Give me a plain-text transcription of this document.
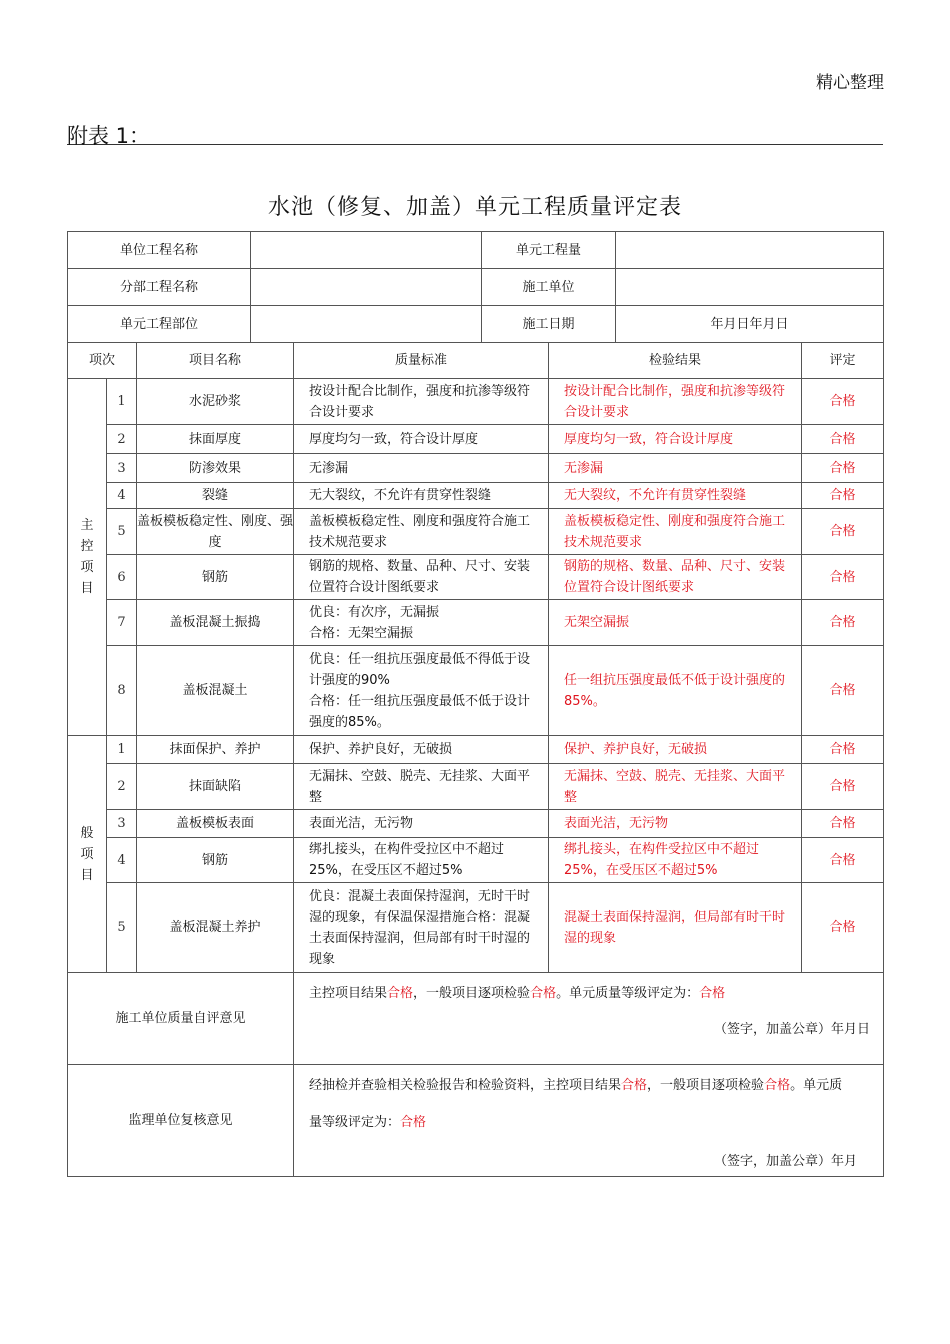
精心整理
附表 1：
水池（修复、加盖）单元工程质量评定表
单位工程名称		单元工程量	
分部工程名称		施工单位	
单元工程部位		施工日期	年月日年月日
项次		项目名称	质量标准	检验结果	评定

主
控
项
目	1	水泥砂浆	按设计配合比制作，强度和抗渗等级符合设计要求	按设计配合比制作，强度和抗渗等级符合设计要求	合格
	2	抹面厚度	厚度均匀一致，符合设计厚度	厚度均匀一致，符合设计厚度	合格
	3	防渗效果	无渗漏	无渗漏	合格
	4	裂缝	无大裂纹，不允许有贯穿性裂缝	无大裂纹，不允许有贯穿性裂缝	合格
	5	盖板模板稳定性、刚度、强度	盖板模板稳定性、刚度和强度符合施工技术规范要求	盖板模板稳定性、刚度和强度符合施工技术规范要求	合格
	6	钢筋	钢筋的规格、数量、品种、尺寸、安装位置符合设计图纸要求	钢筋的规格、数量、品种、尺寸、安装位置符合设计图纸要求	合格
	7	盖板混凝土振捣	优良：有次序，无漏振
合格：无架空漏振	无架空漏振	合格
	8	盖板混凝土	优良：任一组抗压强度最低不得低于设计强度的90%
合格：任一组抗压强度最低不低于设计强度的85%。	任一组抗压强度最低不低于设计强度的85%。	合格

般
项
目	1	抹面保护、养护	保护、养护良好，无破损	保护、养护良好，无破损	合格
	2	抹面缺陷	无漏抹、空鼓、脱壳、无挂浆、大面平整	无漏抹、空鼓、脱壳、无挂浆、大面平整	合格
	3	盖板模板表面	表面光洁，无污物	表面光洁，无污物	合格
	4	钢筋	绑扎接头，在构件受拉区中不超过25%，在受压区不超过5%	绑扎接头，在构件受拉区中不超过25%，在受压区不超过5%	合格
	5	盖板混凝土养护	优良：混凝土表面保持湿润，无时干时湿的现象，有保温保湿措施合格：混凝土表面保持湿润，但局部有时干时湿的现象	混凝土表面保持湿润，但局部有时干时湿的现象	合格
施工单位质量自评意见			主控项目结果合格，一般项目逐项检验合格。单元质量等级评定为：合格
（签字，加盖公章）年月日		

监理单位复核意见			经抽检并查验相关检验报告和检验资料，主控项目结果合格，一般项目逐项检验合格。单元质
量等级评定为：合格
（签字，加盖公章）年月		
